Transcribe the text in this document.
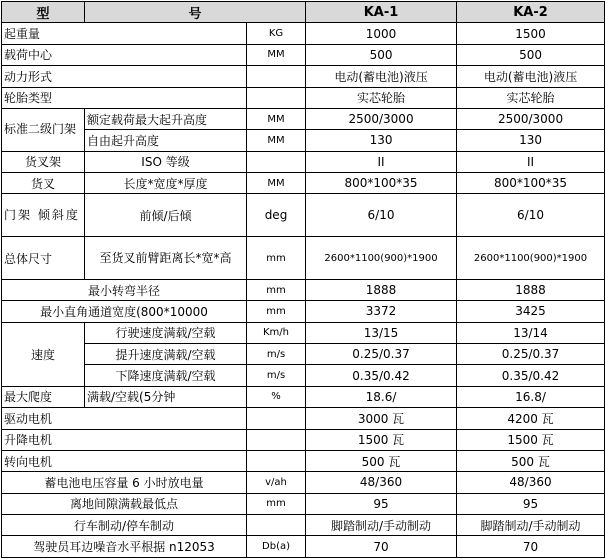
型	号		KA-1	KA-2
起重量		KG	1000	1500
载荷中心		MM	500	500
动力形式			电动(蓄电池)液压	电动(蓄电池)液压
轮胎类型			实芯轮胎	实芯轮胎
标准二级门架	额定载荷最大起升高度	MM	2500/3000	2500/3000
	自由起升高度	MM	130	130
货叉架	ISO 等级		II	II
货叉	长度*宽度*厚度	MM	800*100*35	800*100*35
门架 倾斜度	前倾/后倾	deg	6/10	6/10
总体尺寸	至货叉前臂距离长*宽*高	mm	2600*1100(900)*1900	2600*1100(900)*1900
最小转弯半径		mm	1888	1888
最小直角通道宽度(800*10000		mm	3372	3425
速度	行驶速度满载/空载	Km/h	13/15	13/14
	提升速度满载/空载	m/s	0.25/0.37	0.25/0.37
	下降速度满载/空载	m/s	0.35/0.42	0.35/0.42
最大爬度	满载/空载(5分钟	%	18.6/	16.8/
驱动电机			3000 瓦	4200 瓦
升降电机			1500 瓦	1500 瓦
转向电机			500 瓦	500 瓦
蓄电池电压容量 6 小时放电量		v/ah	48/360	48/360
离地间隙满载最低点		mm	95	95
行车制动/停车制动			脚踏制动/手动制动	脚踏制动/手动制动
驾驶员耳边噪音水平根据 n12053		Db(a)	70	70
